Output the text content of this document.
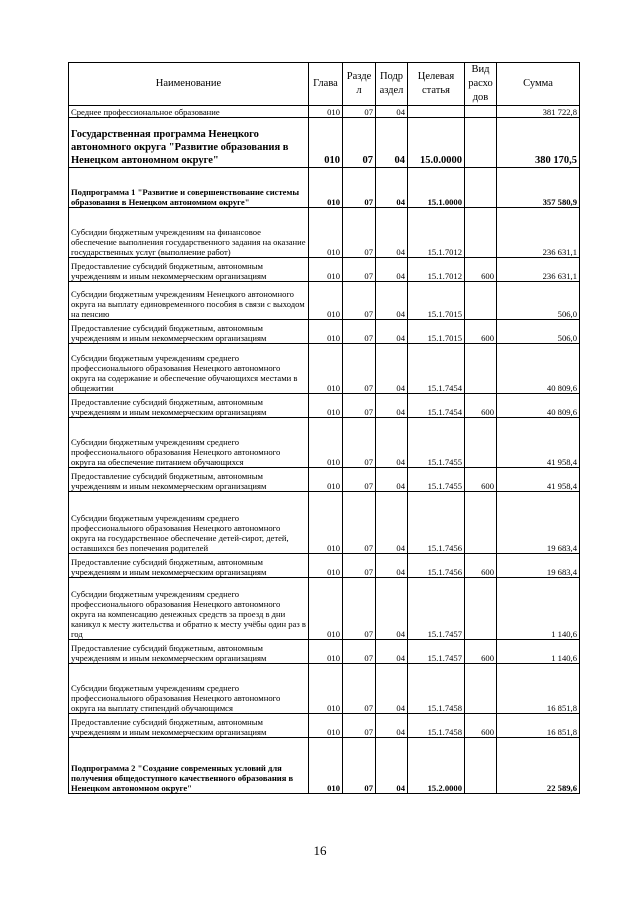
Наименование	Глава	Разде л	Подр аздел	Целевая статья	Вид расхо дов	Сумма
Среднее профессиональное образование	010	07	04			381 722,8
Государственная программа Ненецкого автономного округа "Развитие образования в Ненецком автономном округе"	010	07	04	15.0.0000		380 170,5
Подпрограмма 1 "Развитие и совершенствование системы образования в Ненецком автономном округе"	010	07	04	15.1.0000		357 580,9
Субсидии бюджетным учреждениям на финансовое обеспечение выполнения государственного задания на оказание государственных услуг (выполнение работ)	010	07	04	15.1.7012		236 631,1
Предоставление субсидий бюджетным, автономным учреждениям и иным некоммерческим организациям	010	07	04	15.1.7012	600	236 631,1
Субсидии бюджетным учреждениям Ненецкого автономного округа на выплату единовременного пособия в связи с выходом на пенсию	010	07	04	15.1.7015		506,0
Предоставление субсидий бюджетным, автономным учреждениям и иным некоммерческим организациям	010	07	04	15.1.7015	600	506,0
Субсидии бюджетным учреждениям среднего профессионального образования Ненецкого автономного округа на содержание и обеспечение обучающихся местами в общежитии	010	07	04	15.1.7454		40 809,6
Предоставление субсидий бюджетным, автономным учреждениям и иным некоммерческим организациям	010	07	04	15.1.7454	600	40 809,6
Субсидии бюджетным учреждениям среднего профессионального образования Ненецкого автономного округа на обеспечение питанием обучающихся	010	07	04	15.1.7455		41 958,4
Предоставление субсидий бюджетным, автономным учреждениям и иным некоммерческим организациям	010	07	04	15.1.7455	600	41 958,4
Субсидии бюджетным учреждениям среднего профессионального образования Ненецкого автономного округа на государственное обеспечение детей-сирот, детей, оставшихся без попечения родителей	010	07	04	15.1.7456		19 683,4
Предоставление субсидий бюджетным, автономным учреждениям и иным некоммерческим организациям	010	07	04	15.1.7456	600	19 683,4
Субсидии бюджетным учреждениям среднего профессионального образования Ненецкого автономного округа на компенсацию денежных средств за проезд в дни каникул к месту жительства и обратно к месту учёбы один раз в год	010	07	04	15.1.7457		1 140,6
Предоставление субсидий бюджетным, автономным учреждениям и иным некоммерческим организациям	010	07	04	15.1.7457	600	1 140,6
Субсидии бюджетным учреждениям среднего профессионального образования Ненецкого автономного округа на выплату стипендий обучающимся	010	07	04	15.1.7458		16 851,8
Предоставление субсидий бюджетным, автономным учреждениям и иным некоммерческим организациям	010	07	04	15.1.7458	600	16 851,8
Подпрограмма 2 "Создание современных условий для получения общедоступного качественного образования в Ненецком автономном округе"	010	07	04	15.2.0000		22 589,6
16
